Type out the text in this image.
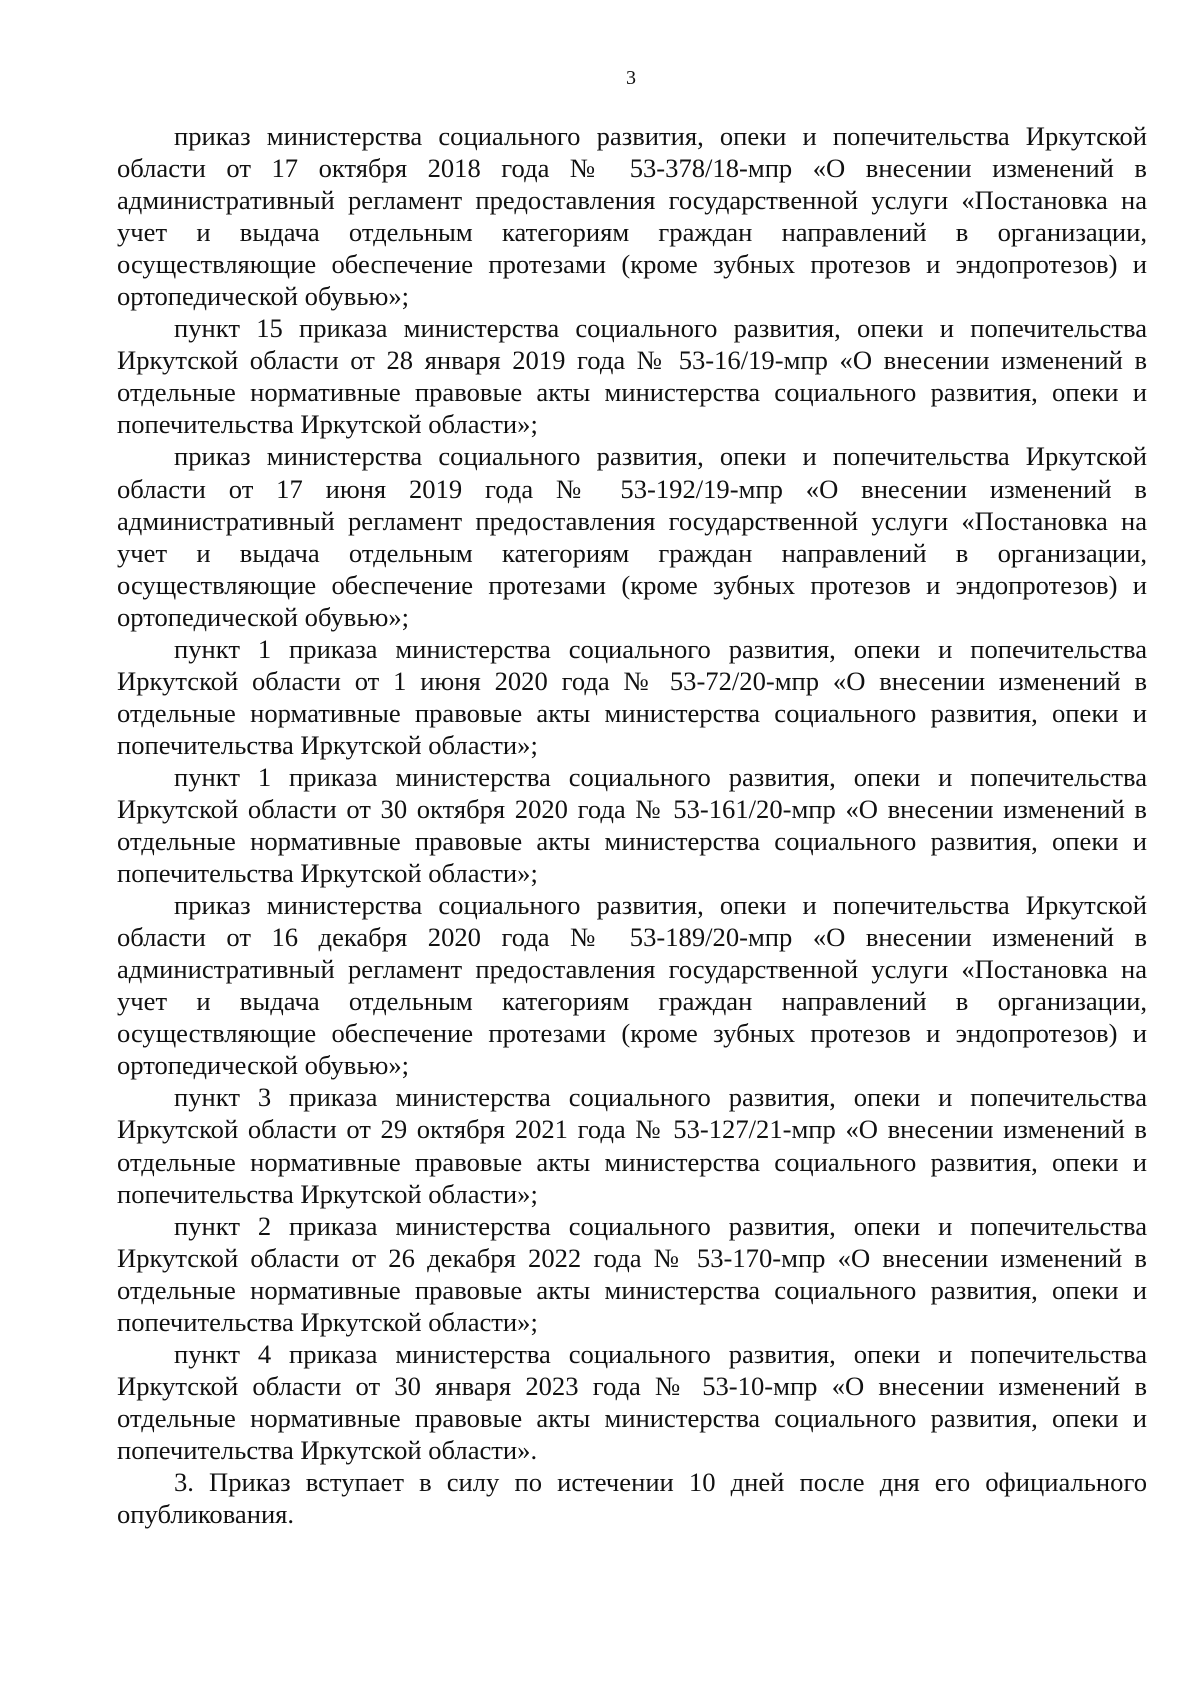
3

приказ министерства социального развития, опеки и попечительства Иркутской области от 17 октября 2018 года № 53-378/18-мпр «О внесении изменений в административный регламент предоставления государственной услуги «Постановка на учет и выдача отдельным категориям граждан направлений в организации, осуществляющие обеспечение протезами (кроме зубных протезов и эндопротезов) и ортопедической обувью»;

пункт 15 приказа министерства социального развития, опеки и попечительства Иркутской области от 28 января 2019 года № 53-16/19-мпр «О внесении изменений в отдельные нормативные правовые акты министерства социального развития, опеки и попечительства Иркутской области»;

приказ министерства социального развития, опеки и попечительства Иркутской области от 17 июня 2019 года № 53-192/19-мпр «О внесении изменений в административный регламент предоставления государственной услуги «Постановка на учет и выдача отдельным категориям граждан направлений в организации, осуществляющие обеспечение протезами (кроме зубных протезов и эндопротезов) и ортопедической обувью»;

пункт 1 приказа министерства социального развития, опеки и попечительства Иркутской области от 1 июня 2020 года № 53-72/20-мпр «О внесении изменений в отдельные нормативные правовые акты министерства социального развития, опеки и попечительства Иркутской области»;

пункт 1 приказа министерства социального развития, опеки и попечительства Иркутской области от 30 октября 2020 года № 53-161/20-мпр «О внесении изменений в отдельные нормативные правовые акты министерства социального развития, опеки и попечительства Иркутской области»;

приказ министерства социального развития, опеки и попечительства Иркутской области от 16 декабря 2020 года № 53-189/20-мпр «О внесении изменений в административный регламент предоставления государственной услуги «Постановка на учет и выдача отдельным категориям граждан направлений в организации, осуществляющие обеспечение протезами (кроме зубных протезов и эндопротезов) и ортопедической обувью»;

пункт 3 приказа министерства социального развития, опеки и попечительства Иркутской области от 29 октября 2021 года № 53-127/21-мпр «О внесении изменений в отдельные нормативные правовые акты министерства социального развития, опеки и попечительства Иркутской области»;

пункт 2 приказа министерства социального развития, опеки и попечительства Иркутской области от 26 декабря 2022 года № 53-170-мпр «О внесении изменений в отдельные нормативные правовые акты министерства социального развития, опеки и попечительства Иркутской области»;

пункт 4 приказа министерства социального развития, опеки и попечительства Иркутской области от 30 января 2023 года № 53-10-мпр «О внесении изменений в отдельные нормативные правовые акты министерства социального развития, опеки и попечительства Иркутской области».

3. Приказ вступает в силу по истечении 10 дней после дня его официального опубликования.
